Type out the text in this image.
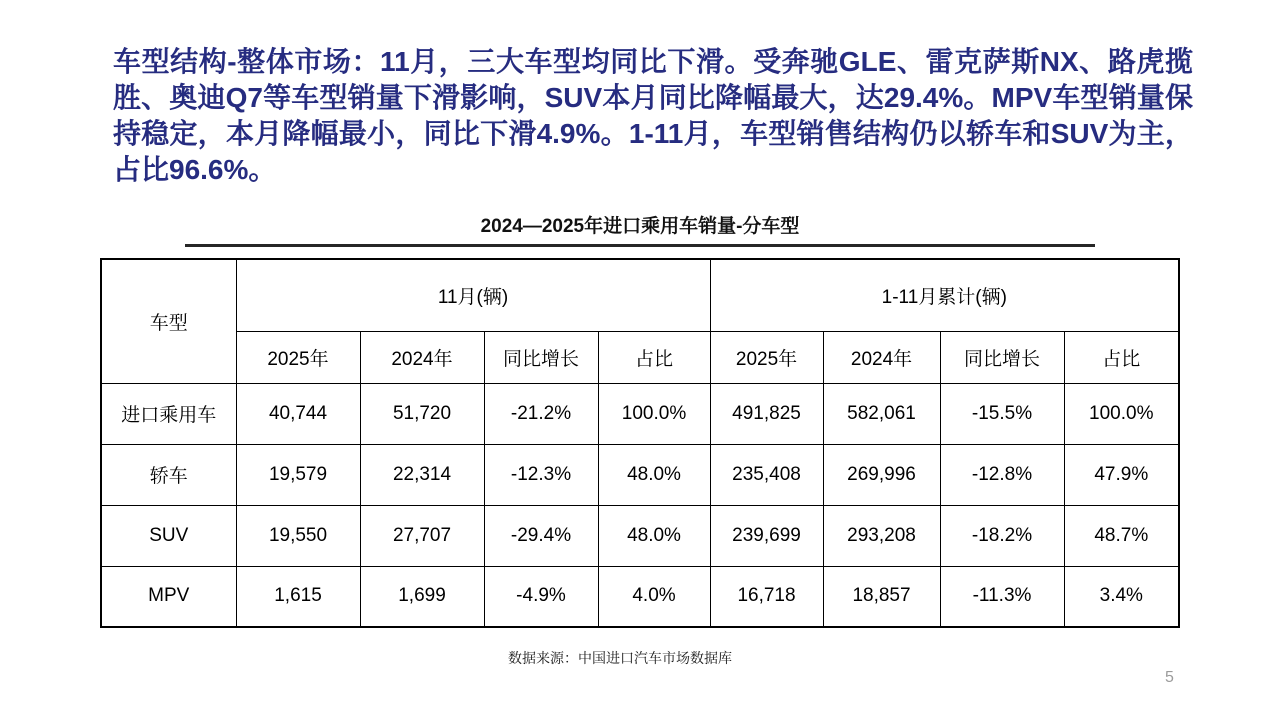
车型结构-整体市场：11月，三大车型均同比下滑。受奔驰GLE、雷克萨斯NX、路虎揽胜、奥迪Q7等车型销量下滑影响，SUV本月同比降幅最大，达29.4%。MPV车型销量保持稳定，本月降幅最小，同比下滑4.9%。1-11月，车型销售结构仍以轿车和SUV为主，占比96.6%。
2024—2025年进口乘用车销量-分车型
车型	11月(辆)				1-11月累计(辆)			
	2025年	2024年	同比增长	占比	2025年	2024年	同比增长	占比
进口乘用车	40,744	51,720	-21.2%	100.0%	491,825	582,061	-15.5%	100.0%
轿车	19,579	22,314	-12.3%	48.0%	235,408	269,996	-12.8%	47.9%
SUV	19,550	27,707	-29.4%	48.0%	239,699	293,208	-18.2%	48.7%
MPV	1,615	1,699	-4.9%	4.0%	16,718	18,857	-11.3%	3.4%
数据来源：中国进口汽车市场数据库
5
